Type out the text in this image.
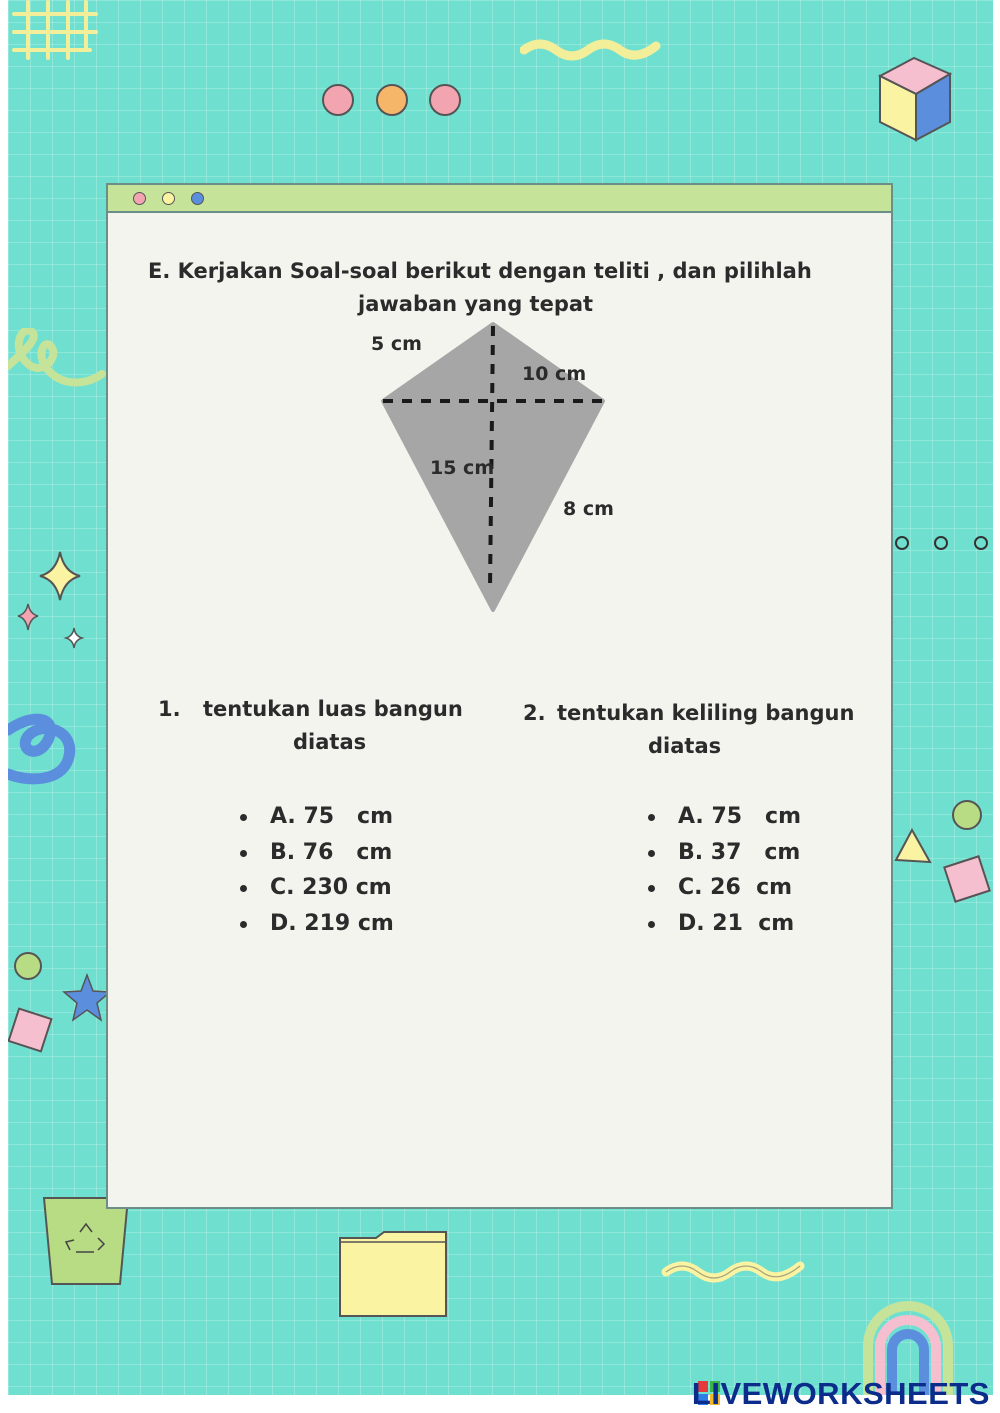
E. Kerjakan Soal-soal berikut dengan teliti , dan pilihlah
jawaban yang tepat
5 cm
10 cm
15 cm
8 cm
1. tentukan luas bangun
diatas
A. 75   cm
B. 76   cm
C. 230 cm
D. 219 cm
2. tentukan keliling bangun
diatas
A. 75   cm
B. 37   cm
C. 26  cm
D. 21  cm
LIVEWORKSHEETS
